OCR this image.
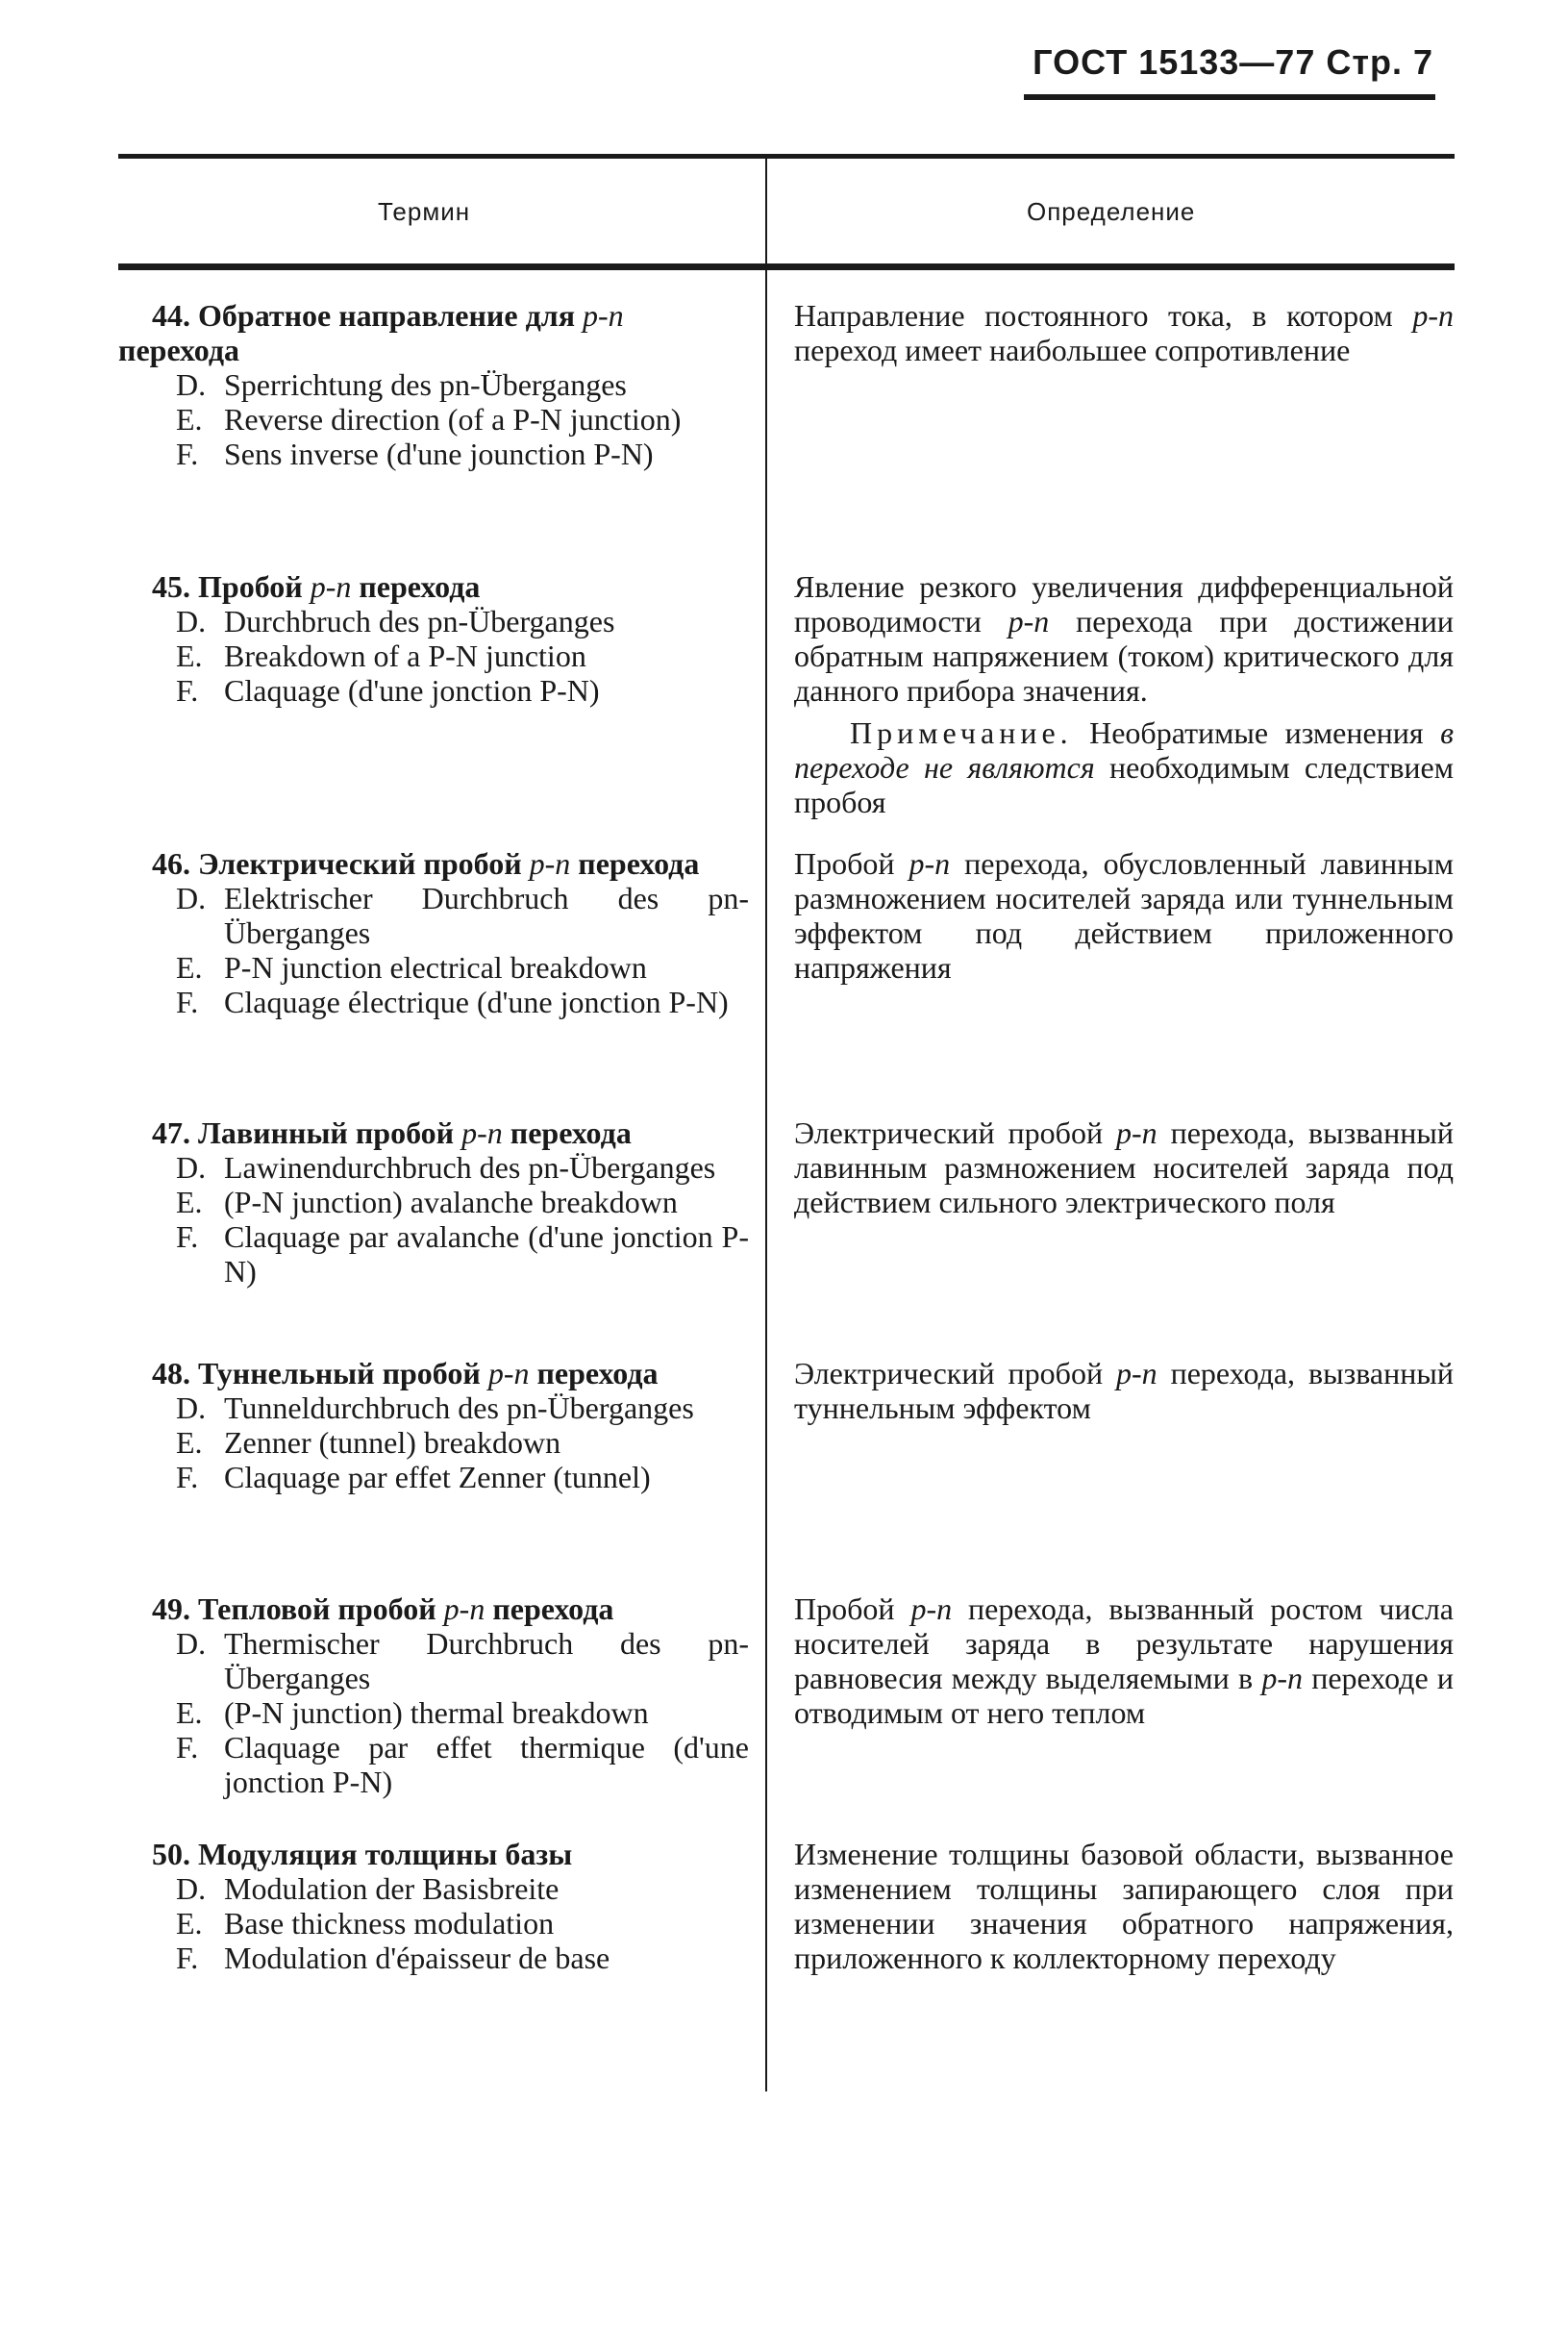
ГОСТ 15133—77 Стр. 7
Термин	Определение
44. Обратное направление для p-n перехода
D. Sperrichtung des pn-Überganges
E. Reverse direction (of a P-N junction)
F. Sens inverse (d'une jounction P-N)
Направление постоянного тока, в котором p-n переход имеет наибольшее сопротивление
45. Пробой p-n перехода
D. Durchbruch des pn-Überganges
E. Breakdown of a P-N junction
F. Claquage (d'une jonction P-N)
Явление резкого увеличения дифференциальной проводимости p-n перехода при достижении обратным напряжением (током) критического для данного прибора значения.
Примечание. Необратимые изменения в переходе не являются необходимым следствием пробоя
46. Электрический пробой p-n перехода
D. Elektrischer Durchbruch des pn-Überganges
E. P-N junction electrical breakdown
F. Claquage électrique (d'une jonction P-N)
Пробой p-n перехода, обусловленный лавинным размножением носителей заряда или туннельным эффектом под действием приложенного напряжения
47. Лавинный пробой p-n перехода
D. Lawinendurchbruch des pn-Überganges
E. (P-N junction) avalanche breakdown
F. Claquage par avalanche (d'une jonction P-N)
Электрический пробой p-n перехода, вызванный лавинным размножением носителей заряда под действием сильного электрического поля
48. Туннельный пробой p-n перехода
D. Tunneldurchbruch des pn-Überganges
E. Zenner (tunnel) breakdown
F. Claquage par effet Zenner (tunnel)
Электрический пробой p-n перехода, вызванный туннельным эффектом
49. Тепловой пробой p-n перехода
D. Thermischer Durchbruch des pn-Überganges
E. (P-N junction) thermal breakdown
F. Claquage par effet thermique (d'une jonction P-N)
Пробой p-n перехода, вызванный ростом числа носителей заряда в результате нарушения равновесия между выделяемыми в p-n переходе и отводимым от него теплом
50. Модуляция толщины базы
D. Modulation der Basisbreite
E. Base thickness modulation
F. Modulation d'épaisseur de base
Изменение толщины базовой области, вызванное изменением толщины запирающего слоя при изменении значения обратного напряжения, приложенного к коллекторному переходу
